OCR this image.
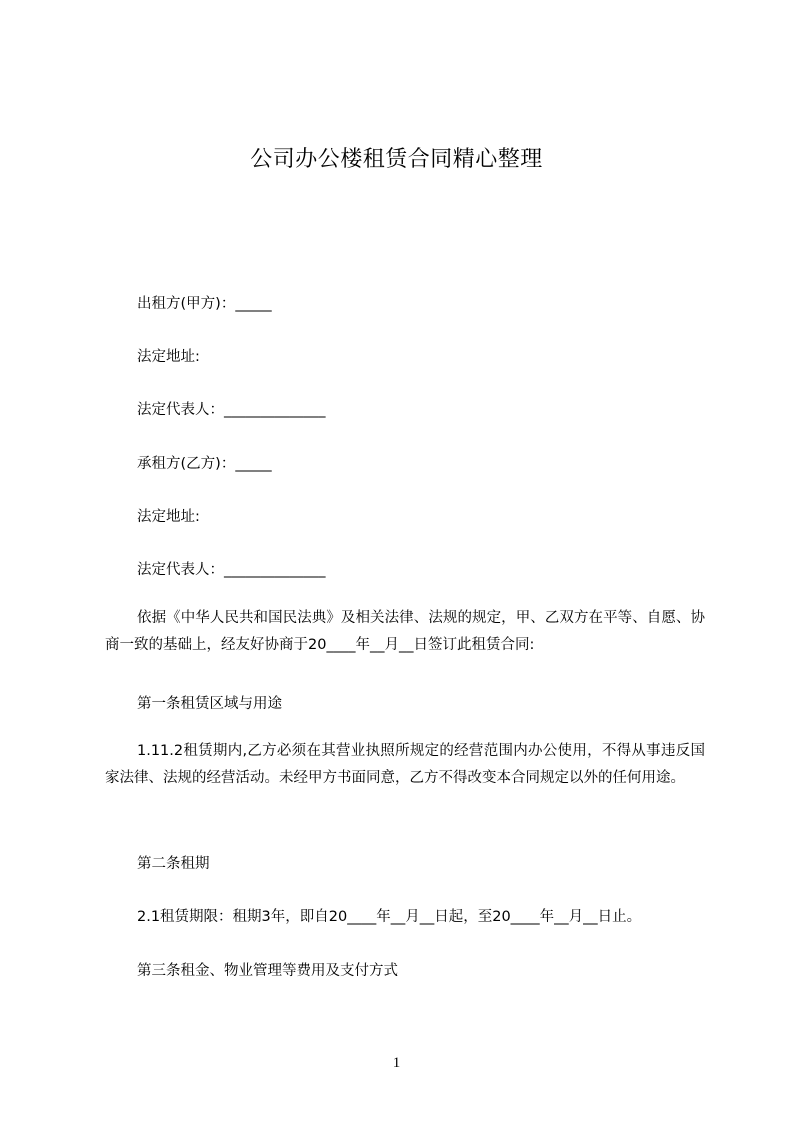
公司办公楼租赁合同精心整理
出租方(甲方)：_____
法定地址:
法定代表人：______________
承租方(乙方)：_____
法定地址:
法定代表人：______________
依据《中华人民共和国民法典》及相关法律、法规的规定，甲、乙双方在平等、自愿、协商一致的基础上，经友好协商于20____年__月__日签订此租赁合同:
第一条租赁区域与用途
1.11.2租赁期内,乙方必须在其营业执照所规定的经营范围内办公使用，不得从事违反国家法律、法规的经营活动。未经甲方书面同意，乙方不得改变本合同规定以外的任何用途。
第二条租期
2.1租赁期限：租期3年，即自20____年__月__日起，至20____年__月__日止。
第三条租金、物业管理等费用及支付方式
1
